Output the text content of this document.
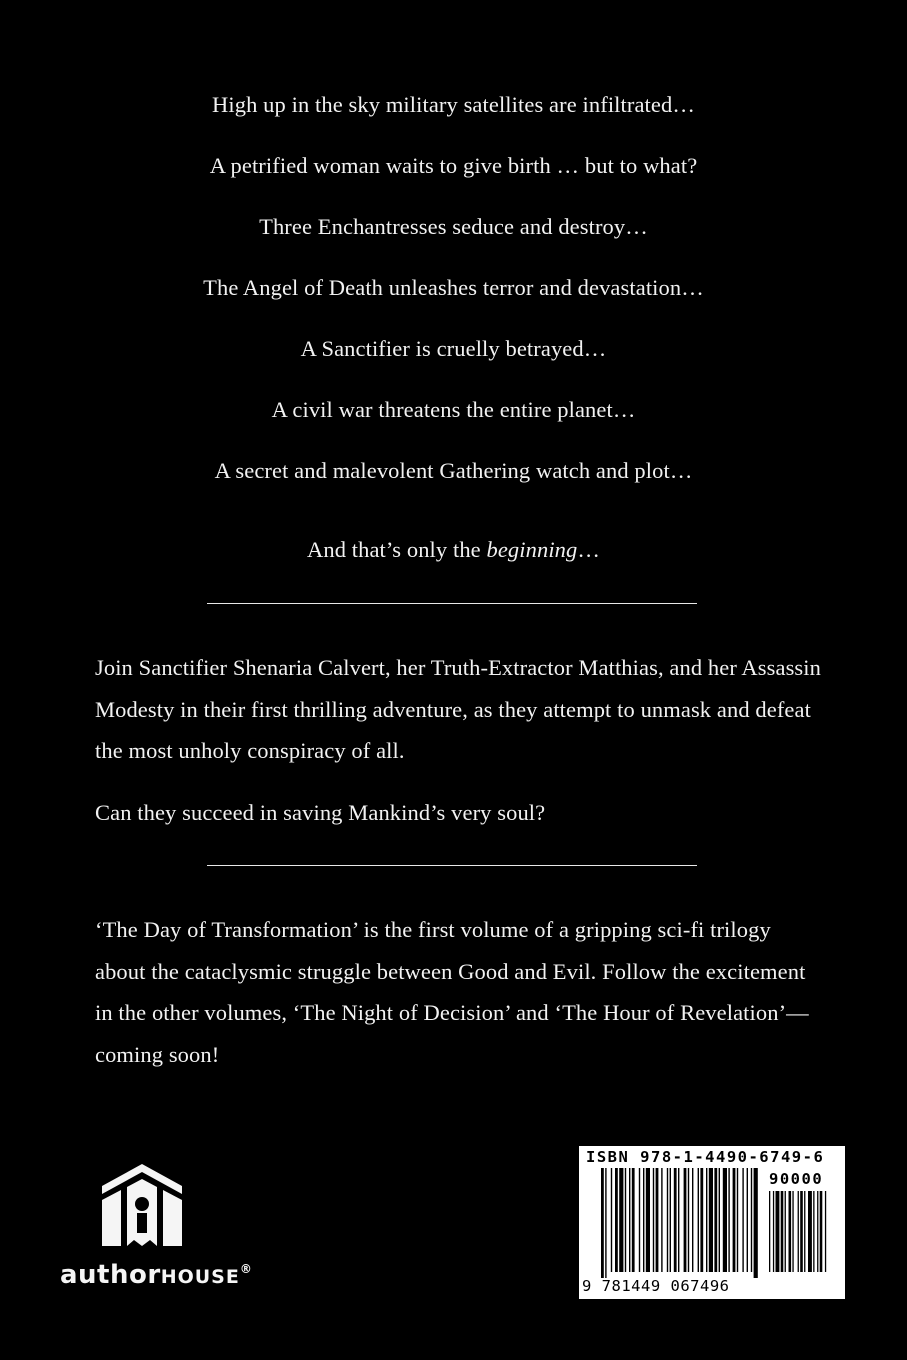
High up in the sky military satellites are infiltrated…
A petrified woman waits to give birth … but to what?
Three Enchantresses seduce and destroy…
The Angel of Death unleashes terror and devastation…
A Sanctifier is cruelly betrayed…
A civil war threatens the entire planet…
A secret and malevolent Gathering watch and plot…
And that’s only the beginning…
Join Sanctifier Shenaria Calvert, her Truth-Extractor Matthias, and her Assassin Modesty in their first thrilling adventure, as they attempt to unmask and defeat the most unholy conspiracy of all.
Can they succeed in saving Mankind’s very soul?
‘The Day of Transformation’ is the first volume of a gripping sci-fi trilogy about the cataclysmic struggle between Good and Evil. Follow the excitement in the other volumes, ‘The Night of Decision’ and ‘The Hour of Revelation’—coming soon!
authorHOUSE®
ISBN 978-1-4490-6749-6
90000
9 781449 067496
